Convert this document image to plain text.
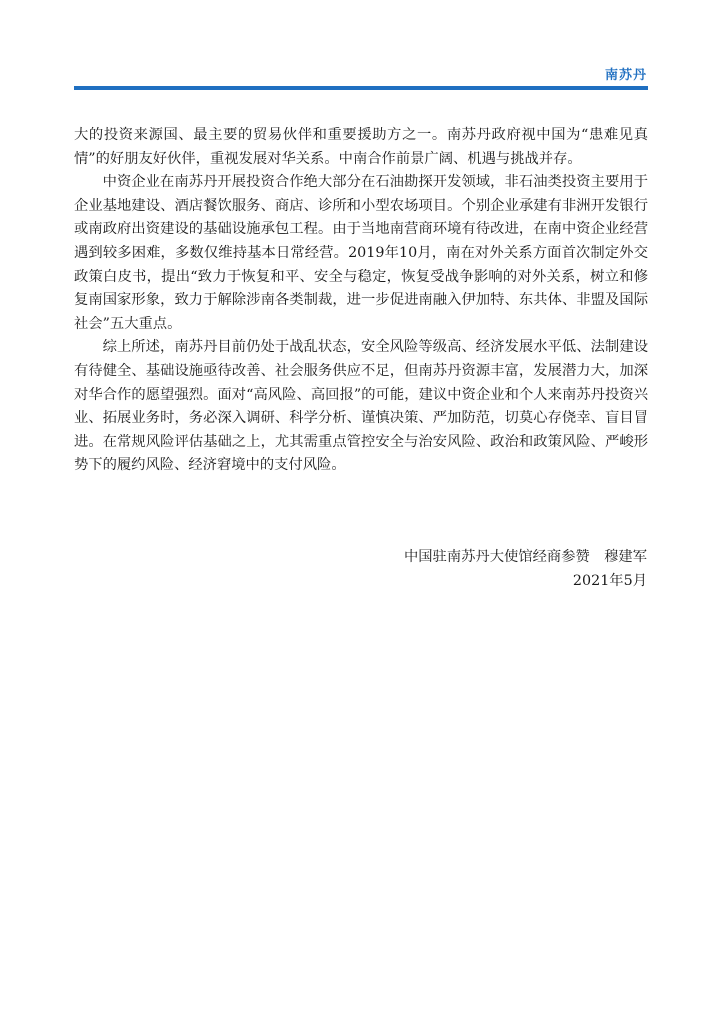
南苏丹

大的投资来源国、最主要的贸易伙伴和重要援助方之一。南苏丹政府视中国为“患难见真情”的好朋友好伙伴，重视发展对华关系。中南合作前景广阔、机遇与挑战并存。

中资企业在南苏丹开展投资合作绝大部分在石油勘探开发领域，非石油类投资主要用于企业基地建设、酒店餐饮服务、商店、诊所和小型农场项目。个别企业承建有非洲开发银行或南政府出资建设的基础设施承包工程。由于当地南营商环境有待改进，在南中资企业经营遇到较多困难，多数仅维持基本日常经营。2019年10月，南在对外关系方面首次制定外交政策白皮书，提出“致力于恢复和平、安全与稳定，恢复受战争影响的对外关系，树立和修复南国家形象，致力于解除涉南各类制裁，进一步促进南融入伊加特、东共体、非盟及国际社会”五大重点。

综上所述，南苏丹目前仍处于战乱状态，安全风险等级高、经济发展水平低、法制建设有待健全、基础设施亟待改善、社会服务供应不足，但南苏丹资源丰富，发展潜力大，加深对华合作的愿望强烈。面对“高风险、高回报”的可能，建议中资企业和个人来南苏丹投资兴业、拓展业务时，务必深入调研、科学分析、谨慎决策、严加防范，切莫心存侥幸、盲目冒进。在常规风险评估基础之上，尤其需重点管控安全与治安风险、政治和政策风险、严峻形势下的履约风险、经济窘境中的支付风险。

中国驻南苏丹大使馆经商参赞　穆建军
2021年5月
